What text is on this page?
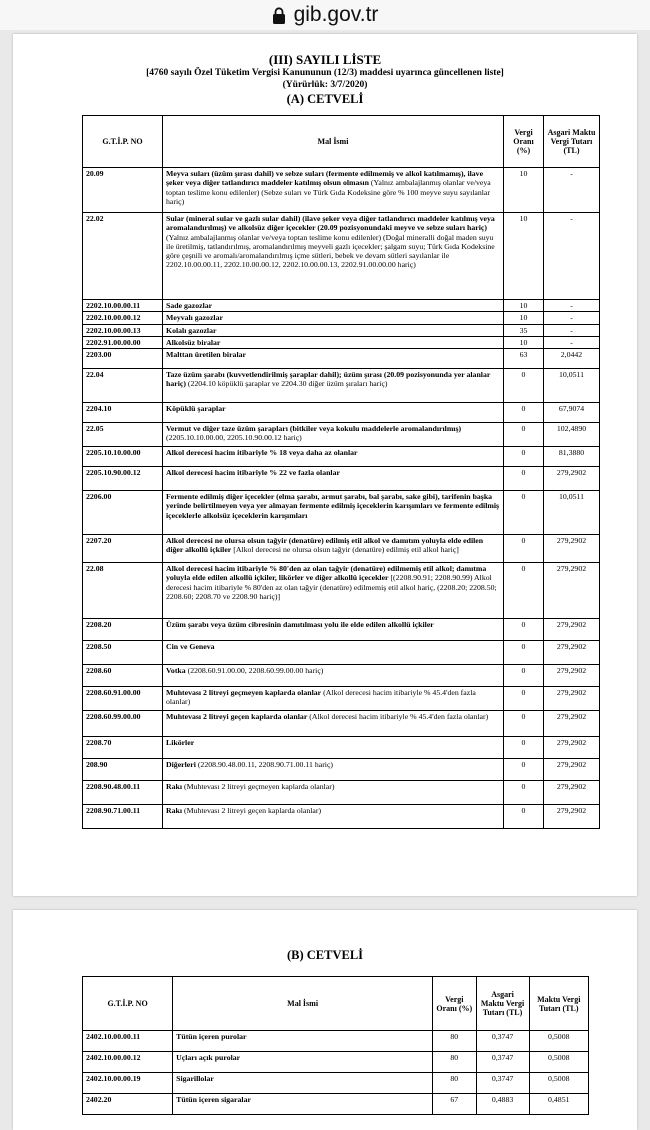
gib.gov.tr
(III) SAYILI LİSTE
[4760 sayılı Özel Tüketim Vergisi Kanununun (12/3) maddesi uyarınca güncellenen liste]
(Yürürlük: 3/7/2020)
(A) CETVELİ
G.T.İ.P. NO	Mal İsmi	Vergi Oranı (%)	Asgari Maktu Vergi Tutarı (TL)
20.09	Meyva suları (üzüm şırası dahil) ve sebze suları (fermente edilmemiş ve alkol katılmamış), ilave şeker veya diğer tatlandırıcı maddeler katılmış olsun olmasın (Yalnız ambalajlanmış olanlar ve/veya toptan teslime konu edilenler) (Sebze suları ve Türk Gıda Kodeksine göre % 100 meyve suyu sayılanlar hariç)	10	-
22.02	Sular (mineral sular ve gazlı sular dahil) (ilave şeker veya diğer tatlandırıcı maddeler katılmış veya aromalandırılmış) ve alkolsüz diğer içecekler (20.09 pozisyonundaki meyve ve sebze suları hariç) (Yalnız ambalajlanmış olanlar ve/veya toptan teslime konu edilenler) (Doğal mineralli doğal maden suyu ile üretilmiş, tatlandırılmış, aromalandırılmış meyveli gazlı içecekler; şalgam suyu; Türk Gıda Kodeksine göre çeşnili ve aromalı/aromalandırılmış içme sütleri, bebek ve devam sütleri sayılanlar ile 2202.10.00.00.11, 2202.10.00.00.12, 2202.10.00.00.13, 2202.91.00.00.00 hariç)	10	-
2202.10.00.00.11	Sade gazozlar	10	-
2202.10.00.00.12	Meyvalı gazozlar	10	-
2202.10.00.00.13	Kolalı gazozlar	35	-
2202.91.00.00.00	Alkolsüz biralar	10	-
2203.00	Malttan üretilen biralar	63	2,0442
22.04	Taze üzüm şarabı (kuvvetlendirilmiş şaraplar dahil); üzüm şırası (20.09 pozisyonunda yer alanlar hariç) (2204.10 köpüklü şaraplar ve 2204.30 diğer üzüm şıraları hariç)	0	10,0511
2204.10	Köpüklü şaraplar	0	67,9074
22.05	Vermut ve diğer taze üzüm şarapları (bitkiler veya kokulu maddelerle aromalandırılmış) (2205.10.10.00.00, 2205.10.90.00.12 hariç)	0	102,4890
2205.10.10.00.00	Alkol derecesi hacim itibariyle % 18 veya daha az olanlar	0	81,3880
2205.10.90.00.12	Alkol derecesi hacim itibariyle % 22 ve fazla olanlar	0	279,2902
2206.00	Fermente edilmiş diğer içecekler (elma şarabı, armut şarabı, bal şarabı, sake gibi), tarifenin başka yerinde belirtilmeyen veya yer almayan fermente edilmiş içeceklerin karışımları ve fermente edilmiş içeceklerle alkolsüz içeceklerin karışımları	0	10,0511
2207.20	Alkol derecesi ne olursa olsun tağyir (denatüre) edilmiş etil alkol ve damıtım yoluyla elde edilen diğer alkollü içkiler [Alkol derecesi ne olursa olsun tağyir (denatüre) edilmiş etil alkol hariç]	0	279,2902
22.08	Alkol derecesi hacim itibariyle % 80'den az olan tağyir (denatüre) edilmemiş etil alkol; damıtma yoluyla elde edilen alkollü içkiler, likörler ve diğer alkollü içecekler [(2208.90.91; 2208.90.99) Alkol derecesi hacim itibariyle % 80'den az olan tağyir (denatüre) edilmemiş etil alkol hariç, (2208.20; 2208.50; 2208.60; 2208.70 ve 2208.90 hariç)]	0	279,2902
2208.20	Üzüm şarabı veya üzüm cibresinin damıtılması yolu ile elde edilen alkollü içkiler	0	279,2902
2208.50	Cin ve Geneva	0	279,2902
2208.60	Votka (2208.60.91.00.00, 2208.60.99.00.00 hariç)	0	279,2902
2208.60.91.00.00	Muhtevası 2 litreyi geçmeyen kaplarda olanlar (Alkol derecesi hacim itibariyle % 45.4'den fazla olanlar)	0	279,2902
2208.60.99.00.00	Muhtevası 2 litreyi geçen kaplarda olanlar (Alkol derecesi hacim itibariyle % 45.4'den fazla olanlar)	0	279,2902
2208.70	Likörler	0	279,2902
208.90	Diğerleri (2208.90.48.00.11, 2208.90.71.00.11 hariç)	0	279,2902
2208.90.48.00.11	Rakı (Muhtevası 2 litreyi geçmeyen kaplarda olanlar)	0	279,2902
2208.90.71.00.11	Rakı (Muhtevası 2 litreyi geçen kaplarda olanlar)	0	279,2902
(B) CETVELİ
G.T.İ.P. NO	Mal İsmi	Vergi Oranı (%)	Asgari Maktu Vergi Tutarı (TL)	Maktu Vergi Tutarı (TL)
2402.10.00.00.11	Tütün içeren purolar	80	0,3747	0,5008
2402.10.00.00.12	Uçları açık purolar	80	0,3747	0,5008
2402.10.00.00.19	Sigarillolar	80	0,3747	0,5008
2402.20	Tütün içeren sigaralar	67	0,4883	0,4851
